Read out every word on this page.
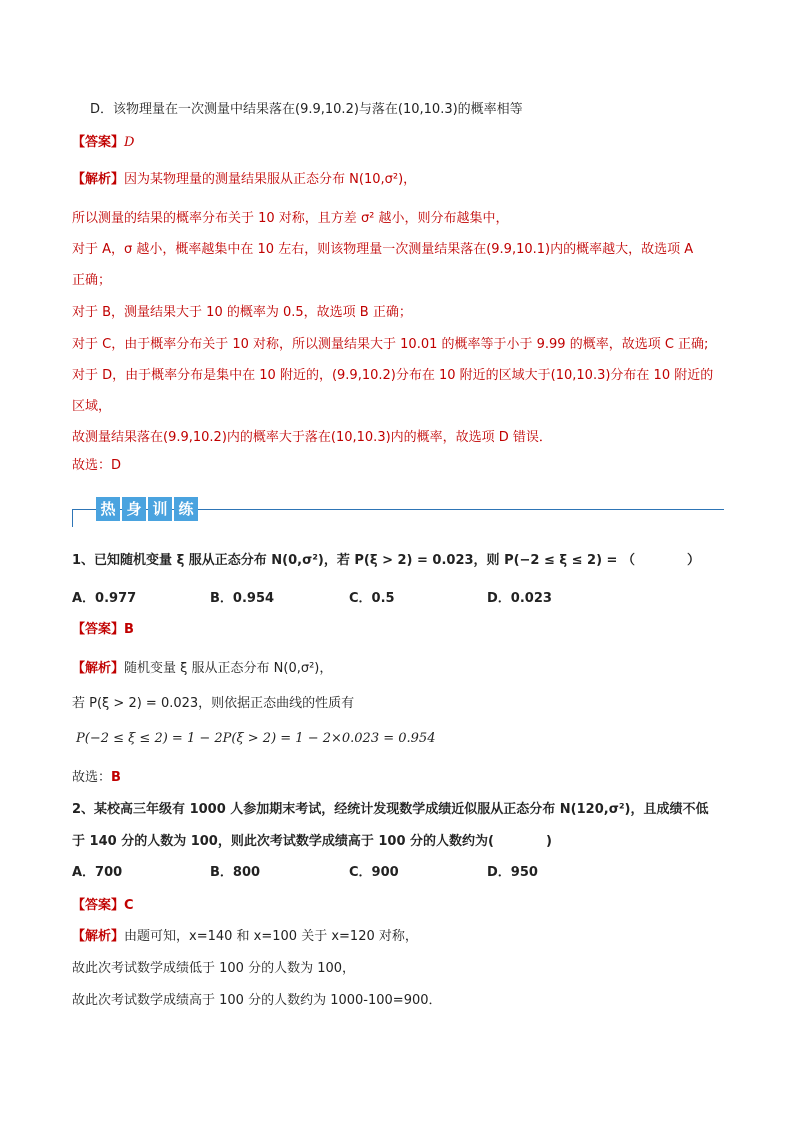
D．该物理量在一次测量中结果落在(9.9,10.2)与落在(10,10.3)的概率相等
【答案】D
【解析】因为某物理量的测量结果服从正态分布 N(10,σ²)，
所以测量的结果的概率分布关于 10 对称，且方差 σ² 越小，则分布越集中，
对于 A，σ 越小，概率越集中在 10 左右，则该物理量一次测量结果落在(9.9,10.1)内的概率越大，故选项 A
正确；
对于 B，测量结果大于 10 的概率为 0.5，故选项 B 正确；
对于 C，由于概率分布关于 10 对称，所以测量结果大于 10.01 的概率等于小于 9.99 的概率，故选项 C 正确;
对于 D，由于概率分布是集中在 10 附近的，(9.9,10.2)分布在 10 附近的区域大于(10,10.3)分布在 10 附近的
区域，
故测量结果落在(9.9,10.2)内的概率大于落在(10,10.3)内的概率，故选项 D 错误．
故选：D
热 身 训 练
1、已知随机变量 ξ 服从正态分布 N(0,σ²)，若 P(ξ > 2) = 0.023，则 P(−2 ≤ ξ ≤ 2) = （　　　　）
A．0.977	B．0.954	C．0.5	D．0.023
【答案】B
【解析】随机变量 ξ 服从正态分布 N(0,σ²)，
若 P(ξ > 2) = 0.023，则依据正态曲线的性质有
P(−2 ≤ ξ ≤ 2) = 1 − 2P(ξ > 2) = 1 − 2×0.023 = 0.954
故选：B
2、某校高三年级有 1000 人参加期末考试，经统计发现数学成绩近似服从正态分布 N(120,σ²)，且成绩不低
于 140 分的人数为 100，则此次考试数学成绩高于 100 分的人数约为(　　　　)
A．700	B．800	C．900	D．950
【答案】C
【解析】由题可知，x=140 和 x=100 关于 x=120 对称，
故此次考试数学成绩低于 100 分的人数为 100，
故此次考试数学成绩高于 100 分的人数约为 1000-100=900．
